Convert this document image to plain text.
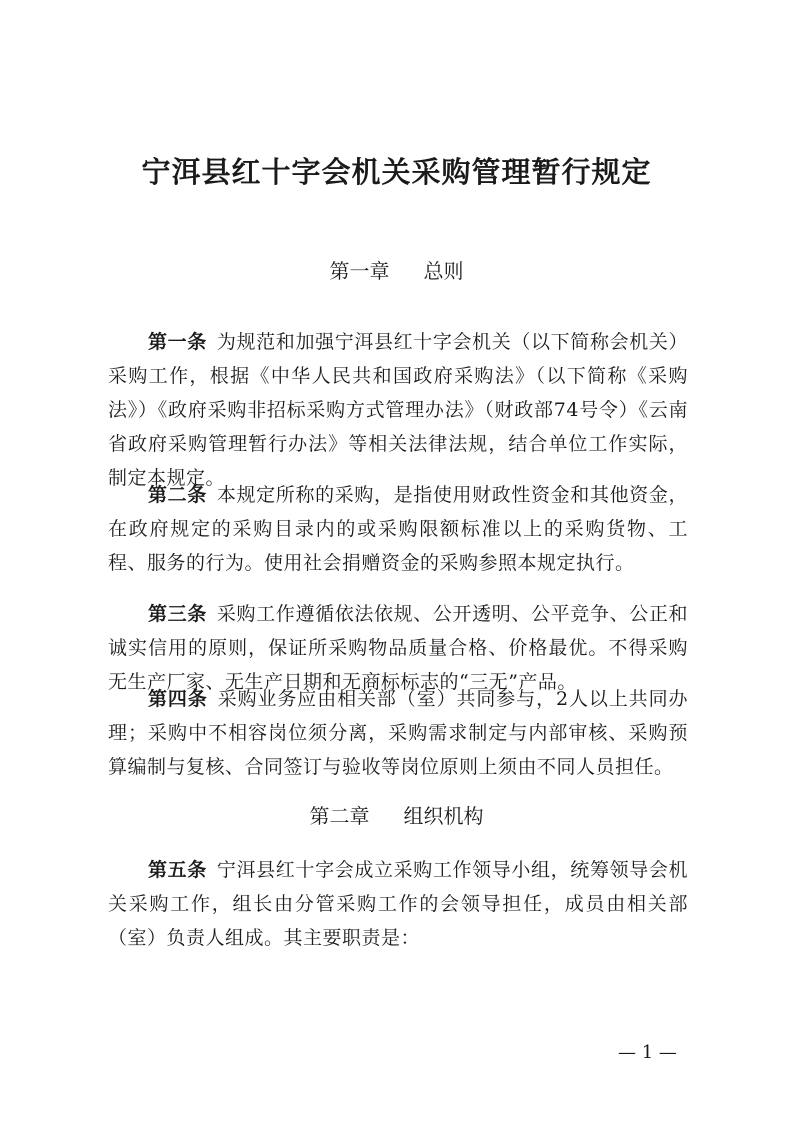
宁洱县红十字会机关采购管理暂行规定
第一章 总则

第一条 为规范和加强宁洱县红十字会机关（以下简称会机关）采购工作，根据《中华人民共和国政府采购法》（以下简称《采购法》）《政府采购非招标采购方式管理办法》（财政部74号令）《云南省政府采购管理暂行办法》等相关法律法规，结合单位工作实际，制定本规定。

第二条 本规定所称的采购，是指使用财政性资金和其他资金，在政府规定的采购目录内的或采购限额标准以上的采购货物、工程、服务的行为。使用社会捐赠资金的采购参照本规定执行。

第三条 采购工作遵循依法依规、公开透明、公平竞争、公正和诚实信用的原则，保证所采购物品质量合格、价格最优。不得采购无生产厂家、无生产日期和无商标标志的“三无”产品。

第四条 采购业务应由相关部（室）共同参与，2人以上共同办理；采购中不相容岗位须分离，采购需求制定与内部审核、采购预算编制与复核、合同签订与验收等岗位原则上须由不同人员担任。

第二章 组织机构

第五条 宁洱县红十字会成立采购工作领导小组，统筹领导会机关采购工作，组长由分管采购工作的会领导担任，成员由相关部（室）负责人组成。其主要职责是：

— 1 —
